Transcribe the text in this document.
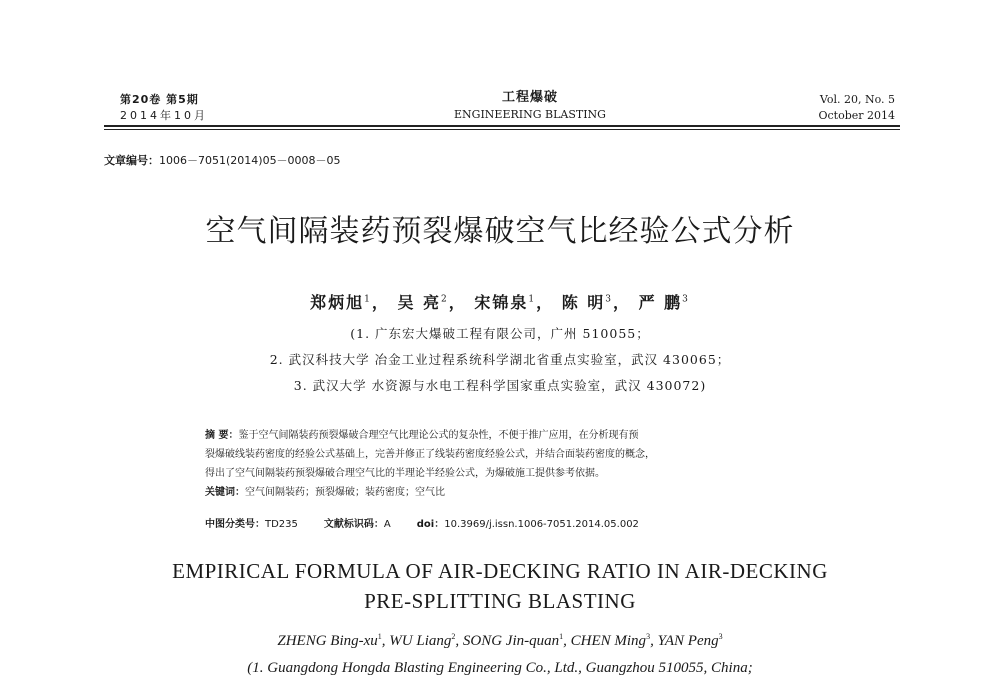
第20卷 第5期
2014年10月
工程爆破
ENGINEERING BLASTING
Vol. 20, No. 5
October 2014
文章编号：1006－7051(2014)05－0008－05
空气间隔装药预裂爆破空气比经验公式分析
郑炳旭$^1$， 吴 亮$^2$， 宋锦泉$^1$， 陈 明$^3$， 严 鹏$^3$
(1. 广东宏大爆破工程有限公司，广州 510055；
2. 武汉科技大学 冶金工业过程系统科学湖北省重点实验室，武汉 430065；
3. 武汉大学 水资源与水电工程科学国家重点实验室，武汉 430072)
摘 要：鉴于空气间隔装药预裂爆破合理空气比理论公式的复杂性，不便于推广应用，在分析现有预
裂爆破线装药密度的经验公式基础上，完善并修正了线装药密度经验公式，并结合面装药密度的概念，
得出了空气间隔装药预裂爆破合理空气比的半理论半经验公式，为爆破施工提供参考依据。
关键词：空气间隔装药；预裂爆破；装药密度；空气比
中图分类号：TD235	文献标识码：A	doi：10.3969/j.issn.1006-7051.2014.05.002
EMPIRICAL FORMULA OF AIR-DECKING RATIO IN AIR-DECKING
PRE-SPLITTING BLASTING
ZHENG Bing-$xu^1$, WU Liang$^2$, SONG Jin-quan$^1$, CHEN Ming$^3$, YAN Peng$^3$
(1. Guangdong Hongda Blasting Engineering Co., Ltd., Guangzhou 510055, China;
